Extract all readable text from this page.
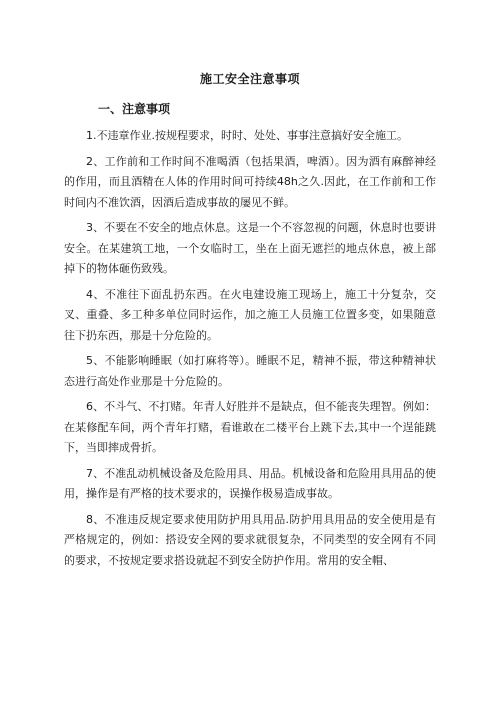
施工安全注意事项
一、注意事项

1.不违章作业.按规程要求，时时、处处、事事注意搞好安全施工。

2、工作前和工作时间不准喝酒（包括果酒，啤酒）。因为酒有麻醉神经的作用，而且酒精在人体的作用时间可持续48h之久.因此，在工作前和工作时间内不准饮酒，因酒后造成事故的屡见不鲜。

3、不要在不安全的地点休息。这是一个不容忽视的问题，休息时也要讲安全。在某建筑工地，一个女临时工，坐在上面无遮拦的地点休息，被上部掉下的物体砸伤致残。

4、不准往下面乱扔东西。在火电建设施工现场上，施工十分复杂，交叉、重叠、多工种多单位同时运作，加之施工人员施工位置多变，如果随意往下扔东西，那是十分危险的。

5、不能影响睡眠（如打麻将等）。睡眠不足，精神不振，带这种精神状态进行高处作业那是十分危险的。

6、不斗气、不打赌。年青人好胜并不是缺点，但不能丧失理智。例如：在某修配车间，两个青年打赌，看谁敢在二楼平台上跳下去,其中一个逞能跳下，当即摔成骨折。

7、不准乱动机械设备及危险用具、用品。机械设备和危险用具用品的使用，操作是有严格的技术要求的，误操作极易造成事故。

8、不准违反规定要求使用防护用具用品.防护用具用品的安全使用是有严格规定的，例如：搭设安全网的要求就很复杂，不同类型的安全网有不同的要求，不按规定要求搭设就起不到安全防护作用。常用的安全帽、
